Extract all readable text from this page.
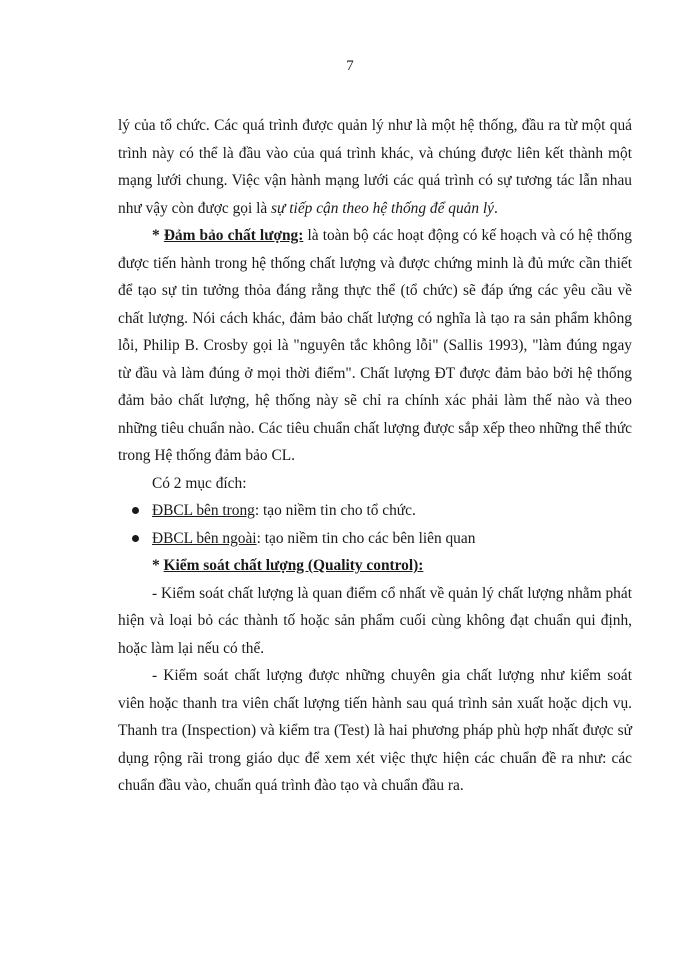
7

lý của tổ chức. Các quá trình được quản lý như là một hệ thống, đầu ra từ một quá trình này có thể là đầu vào của quá trình khác, và chúng được liên kết thành một mạng lưới chung. Việc vận hành mạng lưới các quá trình có sự tương tác lẫn nhau như vậy còn được gọi là sự tiếp cận theo hệ thống để quản lý.

* Đảm bảo chất lượng: là toàn bộ các hoạt động có kế hoạch và có hệ thống được tiến hành trong hệ thống chất lượng và được chứng minh là đủ mức cần thiết để tạo sự tin tưởng thỏa đáng rằng thực thể (tổ chức) sẽ đáp ứng các yêu cầu về chất lượng. Nói cách khác, đảm bảo chất lượng có nghĩa là tạo ra sản phẩm không lỗi, Philip B. Crosby gọi là "nguyên tắc không lỗi" (Sallis 1993), "làm đúng ngay từ đầu và làm đúng ở mọi thời điểm". Chất lượng ĐT được đảm bảo bởi hệ thống đảm bảo chất lượng, hệ thống này sẽ chỉ ra chính xác phải làm thế nào và theo những tiêu chuẩn nào. Các tiêu chuẩn chất lượng được sắp xếp theo những thể thức trong Hệ thống đảm bảo CL.

Có 2 mục đích:

ĐBCL bên trong: tạo niềm tin cho tổ chức.
ĐBCL bên ngoài: tạo niềm tin cho các bên liên quan

* Kiểm soát chất lượng (Quality control):

- Kiểm soát chất lượng là quan điểm cổ nhất về quản lý chất lượng nhằm phát hiện và loại bỏ các thành tố hoặc sản phẩm cuối cùng không đạt chuẩn qui định, hoặc làm lại nếu có thể.

- Kiểm soát chất lượng được những chuyên gia chất lượng như kiểm soát viên hoặc thanh tra viên chất lượng tiến hành sau quá trình sản xuất hoặc dịch vụ. Thanh tra (Inspection) và kiểm tra (Test) là hai phương pháp phù hợp nhất được sử dụng rộng rãi trong giáo dục để xem xét việc thực hiện các chuẩn đề ra như: các chuẩn đầu vào, chuẩn quá trình đào tạo và chuẩn đầu ra.
